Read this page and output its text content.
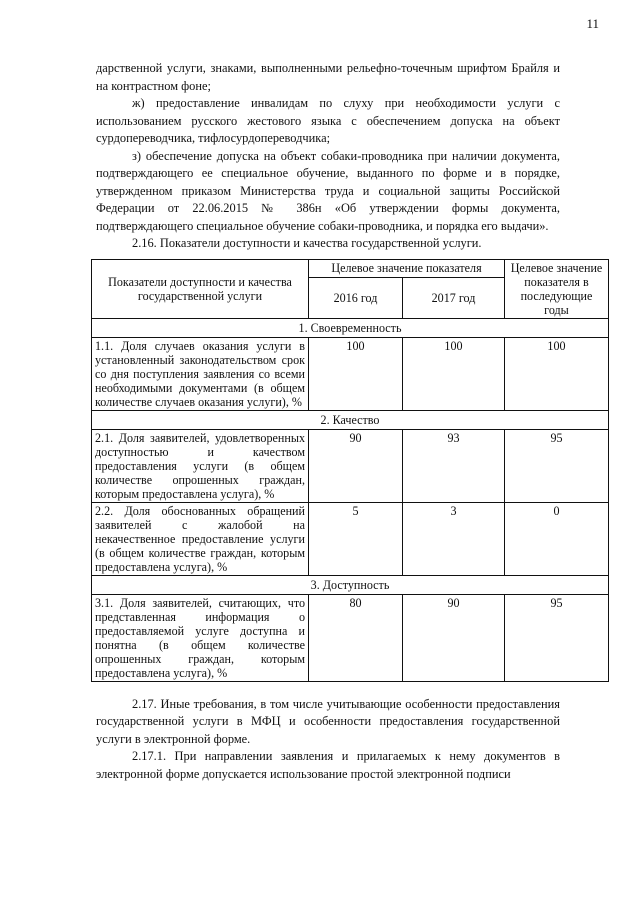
11

дарственной услуги, знаками, выполненными рельефно-точечным шрифтом Брайля и на контрастном фоне;

ж) предоставление инвалидам по слуху при необходимости услуги с использованием русского жестового языка с обеспечением допуска на объект сурдопереводчика, тифлосурдопереводчика;

з) обеспечение допуска на объект собаки-проводника при наличии документа, подтверждающего ее специальное обучение, выданного по форме и в порядке, утвержденном приказом Министерства труда и социальной защиты Российской Федерации от 22.06.2015 № 386н «Об утверждении формы документа, подтверждающего специальное обучение собаки-проводника, и порядка его выдачи».

2.16. Показатели доступности и качества государственной услуги.

Показатели доступности и качества государственной услуги	Целевое значение показателя		Целевое значение показателя в последующие годы
	2016 год	2017 год	
1. Своевременность			
1.1. Доля случаев оказания услуги в установленный законодательством срок со дня поступления заявления со всеми необходимыми документами (в общем количестве случаев оказания услуги), %	100	100	100
2. Качество			
2.1. Доля заявителей, удовлетворенных доступностью и качеством предоставления услуги (в общем количестве опрошенных граждан, которым предоставлена услуга), %	90	93	95
2.2. Доля обоснованных обращений заявителей с жалобой на некачественное предоставление услуги (в общем количестве граждан, которым предоставлена услуга), %	5	3	0
3. Доступность			
3.1. Доля заявителей, считающих, что представленная информация о предоставляемой услуге доступна и понятна (в общем количестве опрошенных граждан, которым предоставлена услуга), %	80	90	95

2.17. Иные требования, в том числе учитывающие особенности предоставления государственной услуги в МФЦ и особенности предоставления государственной услуги в электронной форме.

2.17.1. При направлении заявления и прилагаемых к нему документов в электронной форме допускается использование простой электронной подписи
